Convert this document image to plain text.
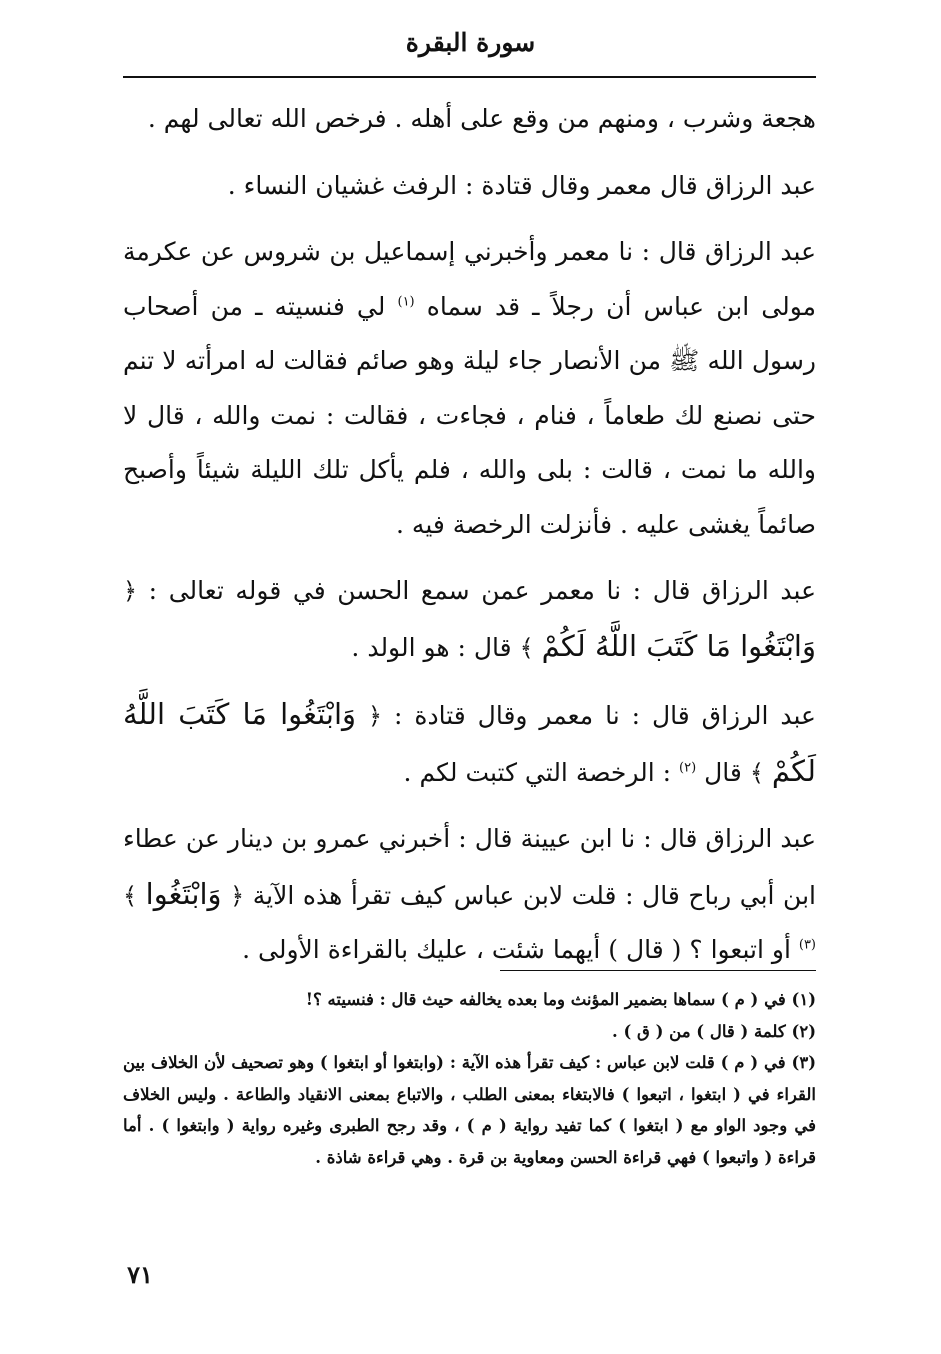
سورة البقرة

هجعة وشرب ، ومنهم من وقع على أهله . فرخص الله تعالى لهم .

عبد الرزاق قال معمر وقال قتادة : الرفث غشيان النساء .

عبد الرزاق قال : نا معمر وأخبرني إسماعيل بن شروس عن عكرمة مولى ابن عباس أن رجلاً ـ قد سماه $^{(١)}$ لي فنسيته ـ من أصحاب رسول الله ﷺ من الأنصار جاء ليلة وهو صائم فقالت له امرأته لا تنم حتى نصنع لك طعاماً ، فنام ، فجاءت ، فقالت : نمت والله ، قال لا والله ما نمت ، قالت : بلى والله ، فلم يأكل تلك الليلة شيئاً وأصبح صائماً يغشى عليه . فأنزلت الرخصة فيه .

عبد الرزاق قال : نا معمر عمن سمع الحسن في قوله تعالى : ﴿ وَابْتَغُوا مَا كَتَبَ اللَّهُ لَكُمْ ﴾ قال : هو الولد .

عبد الرزاق قال : نا معمر وقال قتادة : ﴿ وَابْتَغُوا مَا كَتَبَ اللَّهُ لَكُمْ ﴾ قال $^{(٢)}$ : الرخصة التي كتبت لكم .

عبد الرزاق قال : نا ابن عيينة قال : أخبرني عمرو بن دينار عن عطاء ابن أبي رباح قال : قلت لابن عباس كيف تقرأ هذه الآية ﴿ وَابْتَغُوا ﴾ $^{(٣)}$ أو اتبعوا ؟ ( قال ) أيهما شئت ، عليك بالقراءة الأولى .

(١) في ( م ) سماها بضمير المؤنث وما بعده يخالفه حيث قال : فنسيته ؟!

(٢) كلمة ( قال ) من ( ق ) .

(٣) في ( م ) قلت لابن عباس : كيف تقرأ هذه الآية : (وابتغوا أو ابتغوا ) وهو تصحيف لأن الخلاف بين القراء في ( ابتغوا ، اتبعوا ) فالابتغاء بمعنى الطلب ، والاتباع بمعنى الانقياد والطاعة . وليس الخلاف في وجود الواو مع ( ابتغوا ) كما تفيد رواية ( م ) ، وقد رجح الطبرى وغيره رواية ( وابتغوا ) . أما قراءة ( واتبعوا ) فهي قراءة الحسن ومعاوية بن قرة . وهي قراءة شاذة .

٧١
